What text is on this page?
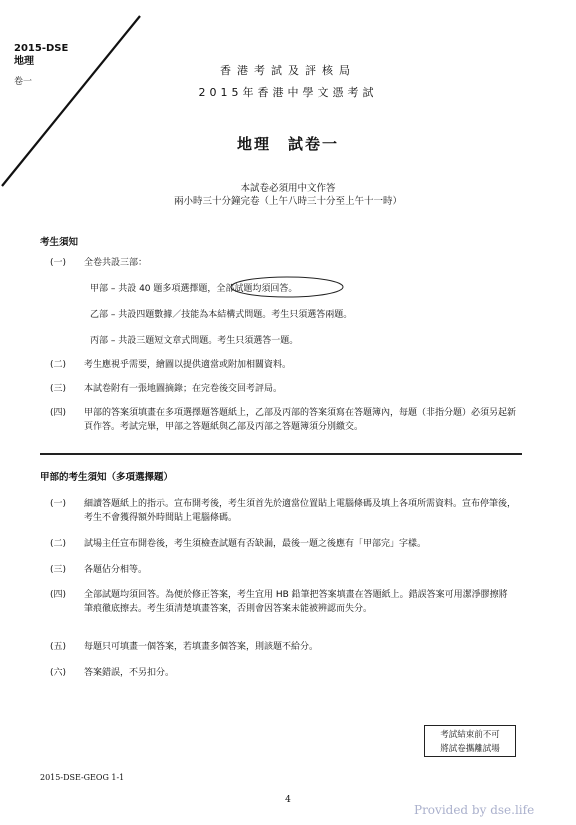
2015-DSE
地理
卷一
香港考試及評核局
2015年香港中學文憑考試
地理　試卷一
本試卷必須用中文作答
兩小時三十分鐘完卷（上午八時三十分至上午十一時）
考生須知
(一) 全卷共設三部：
甲部 – 共設 40 題多項選擇題，全部試題均須回答。
乙部 – 共設四題數據／技能為本結構式問題。考生只須選答兩題。
丙部 – 共設三題短文章式問題。考生只須選答一題。
(二) 考生應視乎需要，繪圖以提供適當或附加相關資料。
(三) 本試卷附有一張地圖摘錄；在完卷後交回考評局。
(四)	甲部的答案須填畫在多項選擇題答題紙上，乙部及丙部的答案須寫在答題簿內，每題（非指分題）必須另起新頁作答。考試完畢，甲部之答題紙與乙部及丙部之答題簿須分別繳交。
甲部的考生須知（多項選擇題）
(一)	細讀答題紙上的指示。宣布開考後，考生須首先於適當位置貼上電腦條碼及填上各項所需資料。宣布停筆後，考生不會獲得額外時間貼上電腦條碼。
(二)	試場主任宣布開卷後，考生須檢查試題有否缺漏，最後一題之後應有「甲部完」字樣。
(三)	各題佔分相等。
(四)	全部試題均須回答。為便於修正答案，考生宜用 HB 鉛筆把答案填畫在答題紙上。錯誤答案可用潔淨膠擦將筆痕徹底擦去。考生須清楚填畫答案，否則會因答案未能被辨認而失分。
(五)	每題只可填畫一個答案，若填畫多個答案，則該題不給分。
(六)	答案錯誤，不另扣分。
考試結束前不可
將試卷攜離試場
2015-DSE-GEOG 1-1
4
Provided by dse.life
